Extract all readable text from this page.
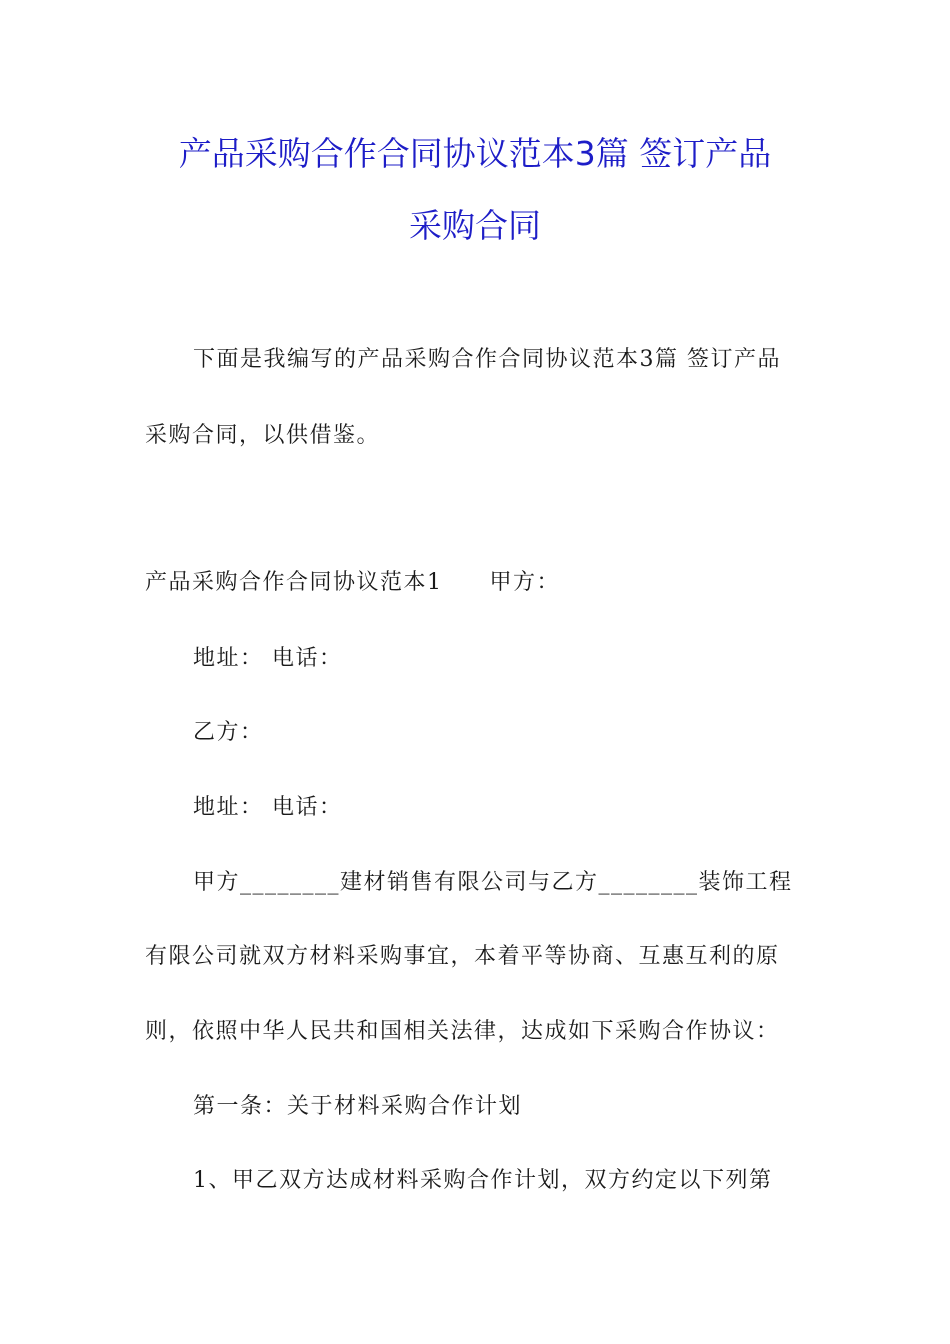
产品采购合作合同协议范本3篇 签订产品
采购合同
下面是我编写的产品采购合作合同协议范本3篇 签订产品
采购合同，以供借鉴。
产品采购合作合同协议范本1　　甲方：
地址： 电话：
乙方：
地址： 电话：
甲方________建材销售有限公司与乙方________装饰工程
有限公司就双方材料采购事宜，本着平等协商、互惠互利的原
则，依照中华人民共和国相关法律，达成如下采购合作协议：
第一条：关于材料采购合作计划
1、甲乙双方达成材料采购合作计划，双方约定以下列第
